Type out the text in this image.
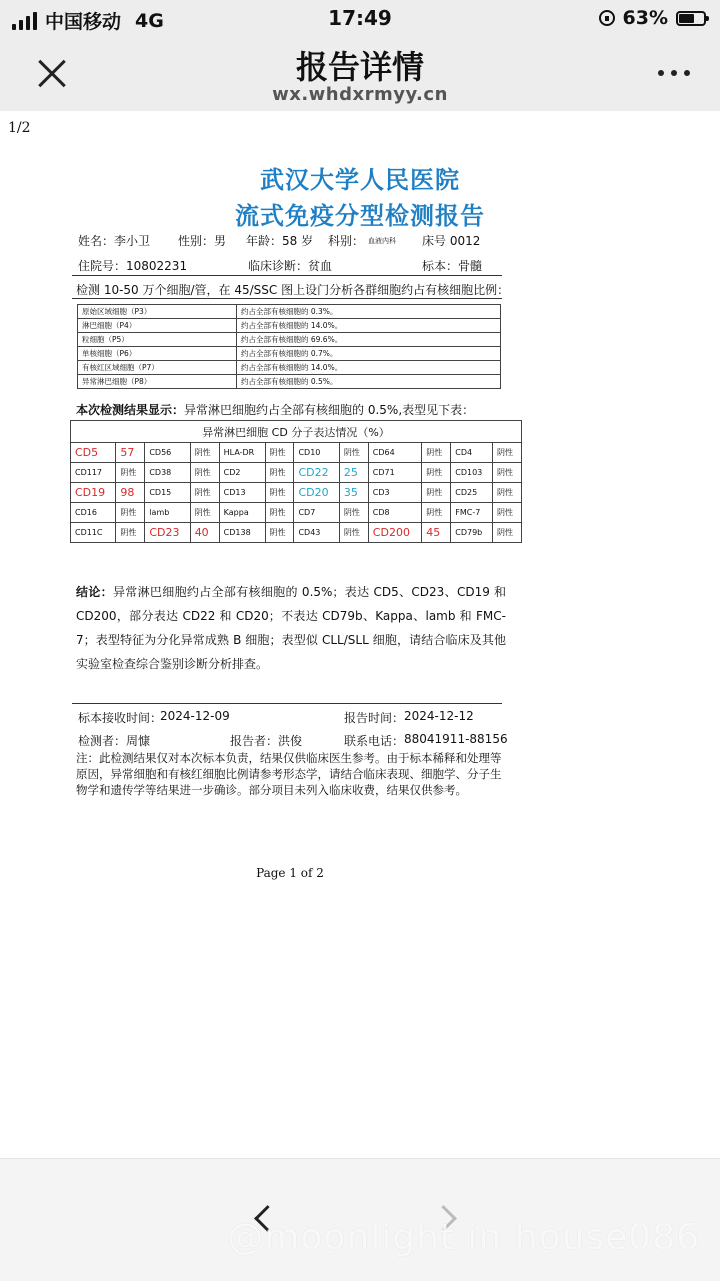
中国移动 4G	17:49	63%
报告详情
wx.whdxrmyy.cn
1/2
武汉大学人民医院
流式免疫分型检测报告
姓名：李小卫 性别：男 年龄：58 岁 科别： 血液内科 床号 0012
住院号：10802231	临床诊断：贫血	标本：骨髓
检测 10-50 万个细胞/管，在 45/SSC 图上设门分析各群细胞约占有核细胞比例：
原始区域细胞（P3）	约占全部有核细胞的 0.3%。
淋巴细胞（P4）	约占全部有核细胞的 14.0%。
粒细胞（P5）	约占全部有核细胞的 69.6%。
单核细胞（P6）	约占全部有核细胞的 0.7%。
有核红区域细胞（P7）	约占全部有核细胞的 14.0%。
异常淋巴细胞（P8）	约占全部有核细胞的 0.5%。
本次检测结果显示：异常淋巴细胞约占全部有核细胞的 0.5%,表型见下表：
异常淋巴细胞 CD 分子表达情况（%）											
CD5	57	CD56	阴性	HLA-DR	阴性	CD10	阴性	CD64	阴性	CD4	阴性
CD117	阴性	CD38	阴性	CD2	阴性	CD22	25	CD71	阴性	CD103	阴性
CD19	98	CD15	阴性	CD13	阴性	CD20	35	CD3	阴性	CD25	阴性
CD16	阴性	lamb	阴性	Kappa	阴性	CD7	阴性	CD8	阴性	FMC-7	阴性
CD11C	阴性	CD23	40	CD138	阴性	CD43	阴性	CD200	45	CD79b	阴性
结论：异常淋巴细胞约占全部有核细胞的 0.5%；表达 CD5、CD23、CD19 和 CD200，部分表达 CD22 和 CD20；不表达 CD79b、Kappa、lamb 和 FMC-7；表型特征为分化异常成熟 B 细胞；表型似 CLL/SLL 细胞，请结合临床及其他实验室检查综合鉴别诊断分析排查。
标本接收时间：
2024-12-09	报告时间： 2024-12-12
检测者：周慷	报告者：洪俊	联系电话： 88041911-88156
注：此检测结果仅对本次标本负责，结果仅供临床医生参考。由于标本稀释和处理等原因，异常细胞和有核红细胞比例请参考形态学，请结合临床表现、细胞学、分子生物学和遗传学等结果进一步确诊。部分项目未列入临床收费，结果仅供参考。
Page 1 of 2
@moonlight in house086
